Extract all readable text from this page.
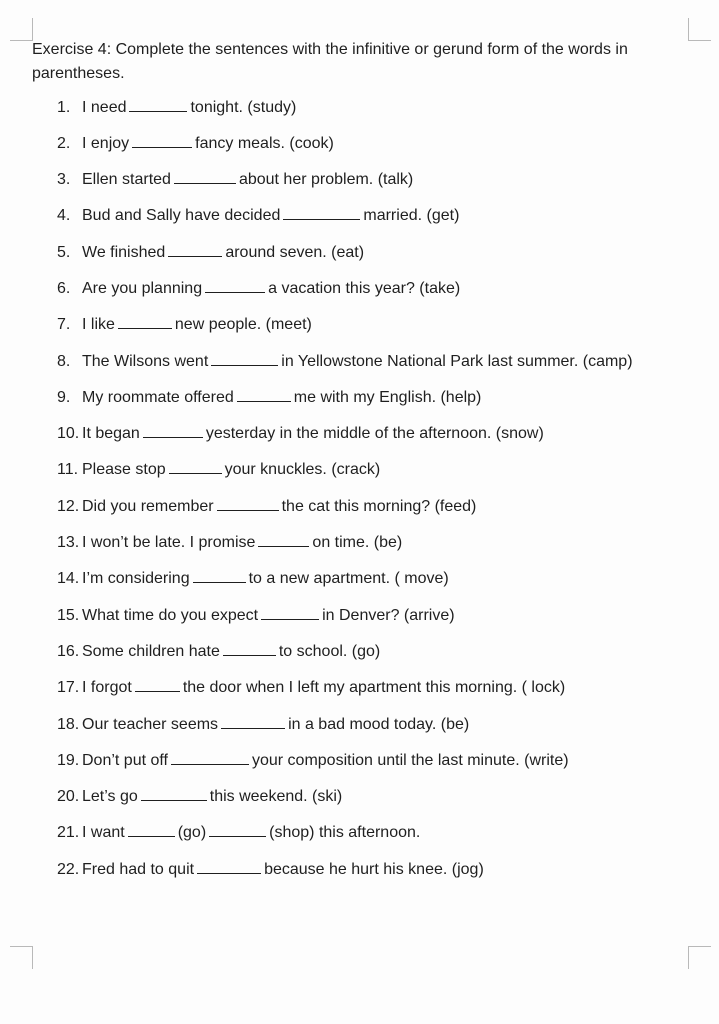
Exercise 4: Complete the sentences with the infinitive or gerund form of the words in parentheses.

1. I need	tonight. (study)
2. I enjoy	fancy meals. (cook)
3. Ellen started	about her problem. (talk)
4. Bud and Sally have decided	married. (get)
5. We finished	around seven. (eat)
6. Are you planning	a vacation this year? (take)
7. I like	new people. (meet)
8. The Wilsons went	in Yellowstone National Park last summer. (camp)
9. My roommate offered	me with my English. (help)
10. It began	yesterday in the middle of the afternoon. (snow)
11. Please stop	your knuckles. (crack)
12. Did you remember	the cat this morning? (feed)
13. I won’t be late. I promise	on time. (be)
14. I’m considering	to a new apartment. ( move)
15. What time do you expect	in Denver? (arrive)
16. Some children hate	to school. (go)
17. I forgot	the door when I left my apartment this morning. ( lock)
18. Our teacher seems	in a bad mood today. (be)
19. Don’t put off	your composition until the last minute. (write)
20. Let’s go	this weekend. (ski)
21. I want	(go)	(shop) this afternoon.
22. Fred had to quit	because he hurt his knee. (jog)
